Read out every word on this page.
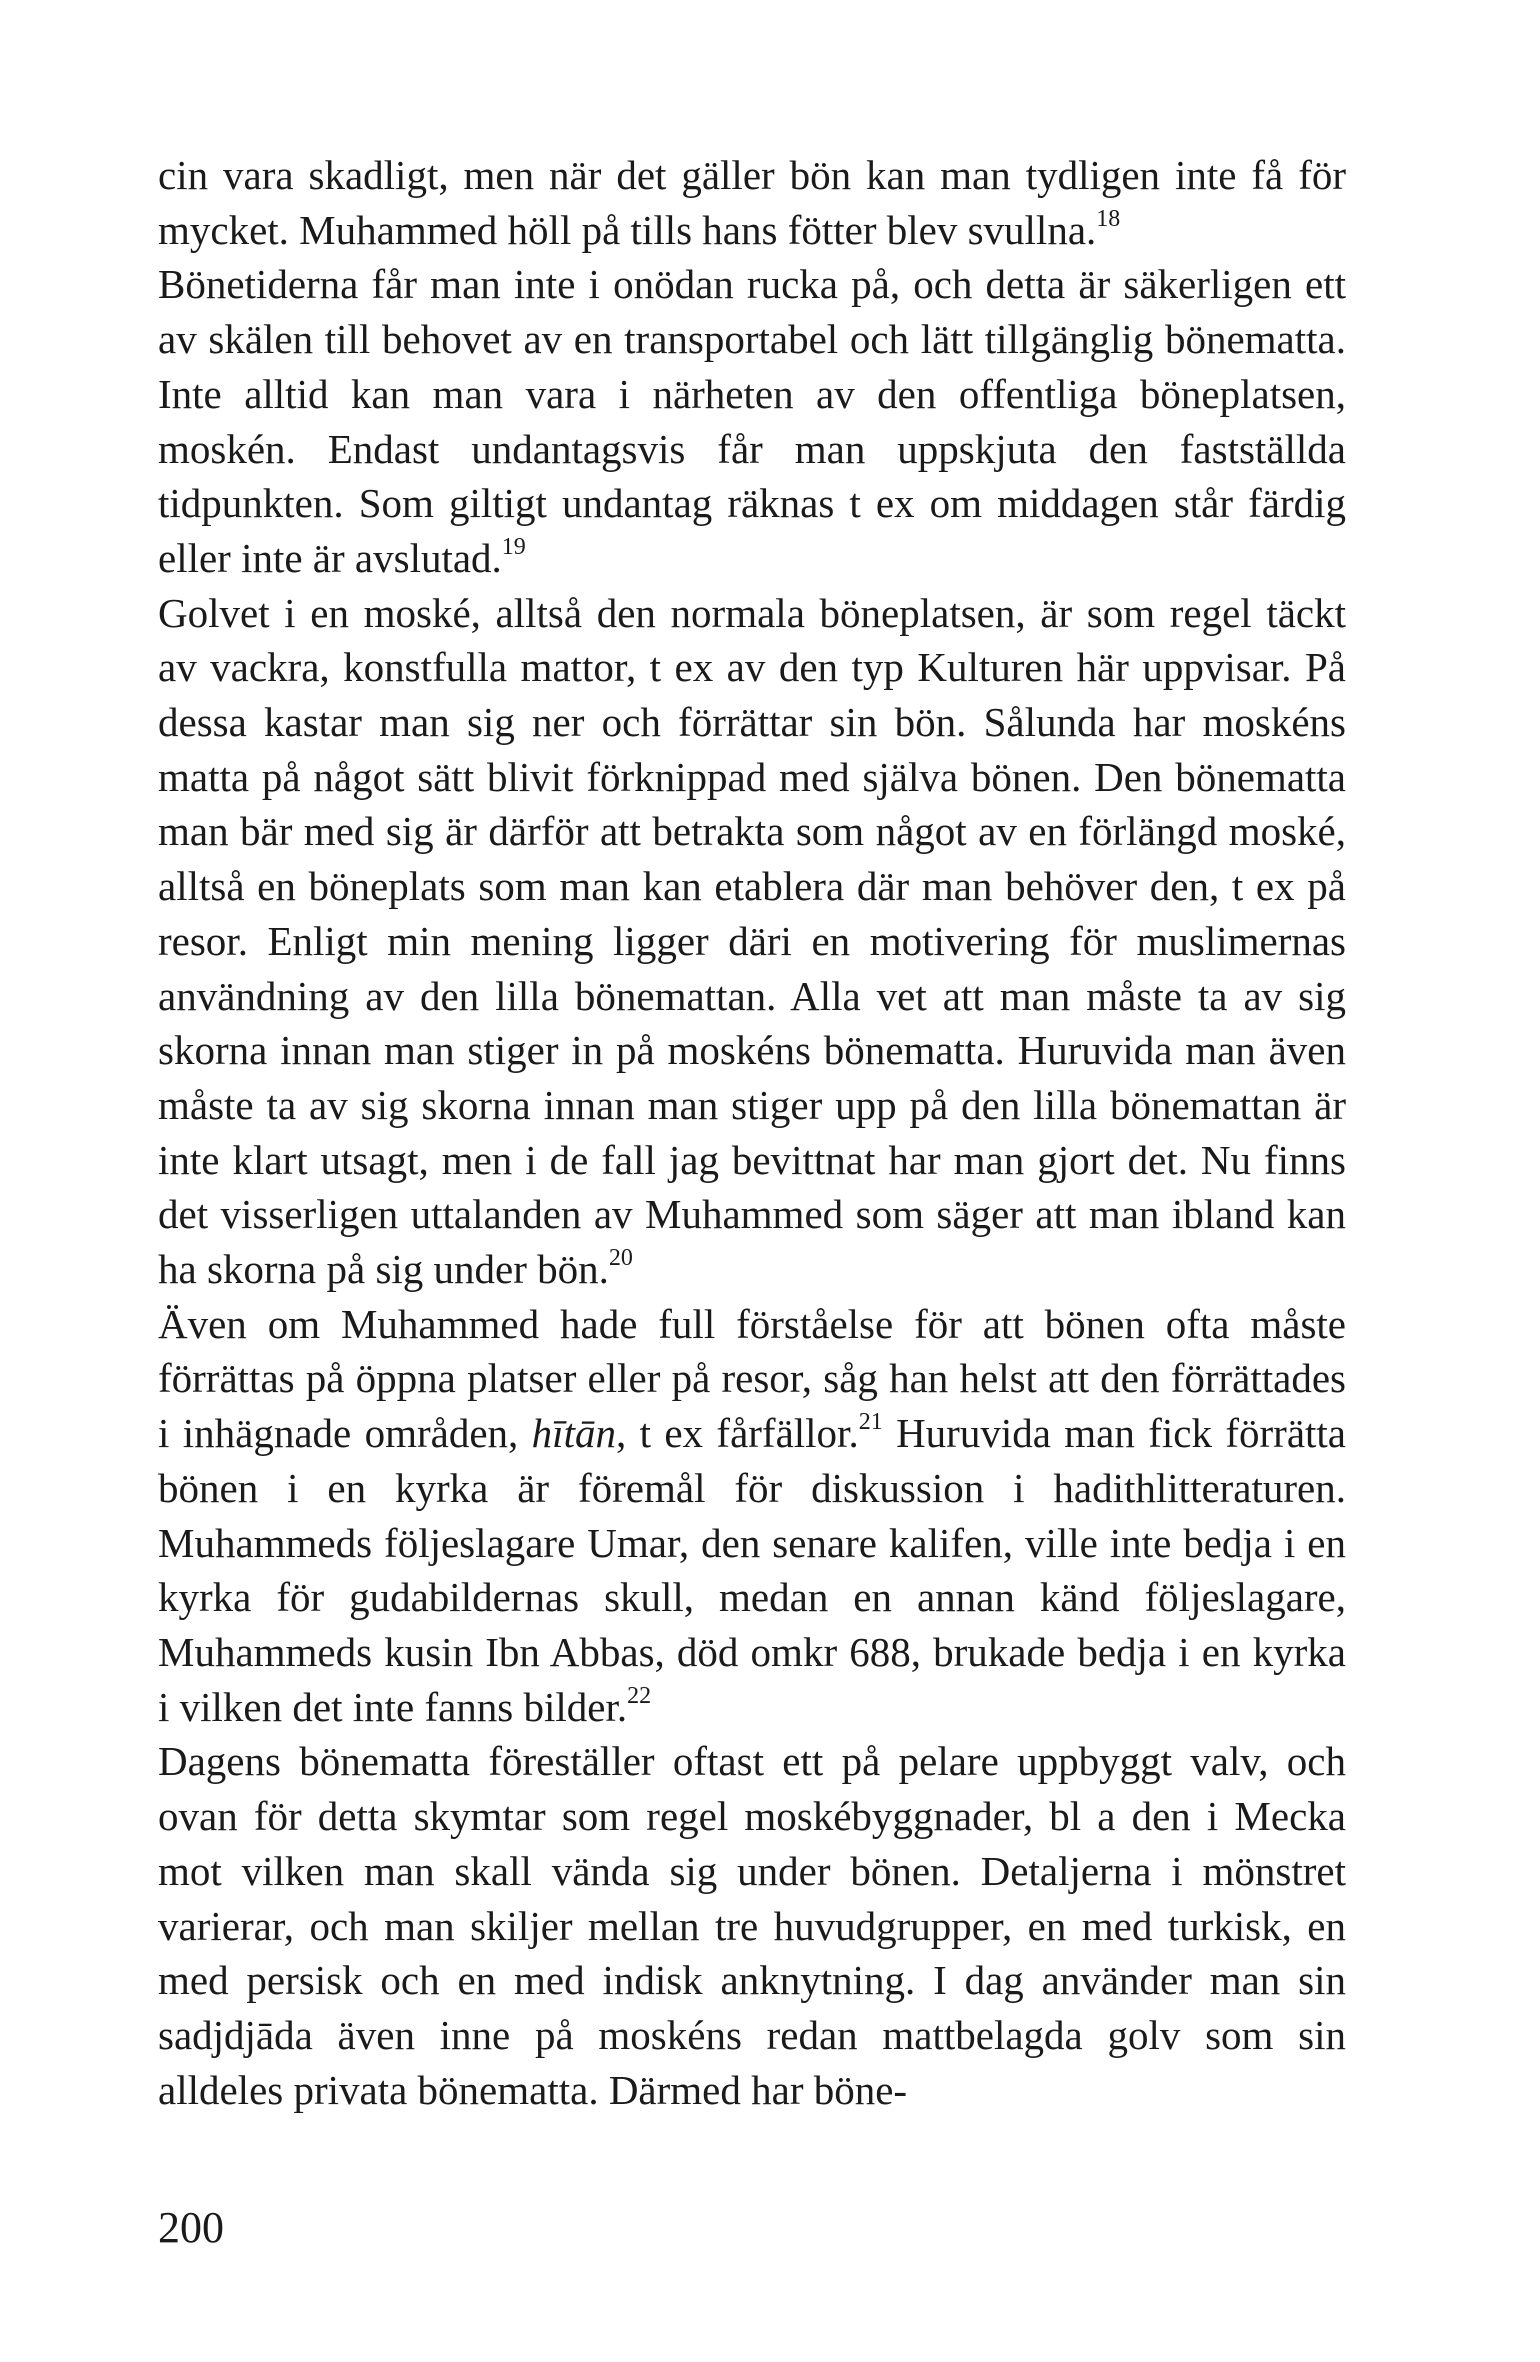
cin vara skadligt, men när det gäller bön kan man tydligen inte få för mycket. Muhammed höll på tills hans fötter blev svullna.$^{18}$

Bönetiderna får man inte i onödan rucka på, och detta är säkerligen ett av skälen till behovet av en transportabel och lätt tillgänglig bönematta. Inte alltid kan man vara i närheten av den offentliga böneplatsen, moskén. Endast undantagsvis får man uppskjuta den fastställda tidpunkten. Som giltigt undantag räknas t ex om middagen står färdig eller inte är avslutad.$^{19}$

Golvet i en moské, alltså den normala böneplatsen, är som regel täckt av vackra, konstfulla mattor, t ex av den typ Kulturen här uppvisar. På dessa kastar man sig ner och förrättar sin bön. Sålunda har moskéns matta på något sätt blivit förknippad med själva bönen. Den bönematta man bär med sig är därför att betrakta som något av en förlängd moské, alltså en böneplats som man kan etablera där man behöver den, t ex på resor. Enligt min mening ligger däri en motivering för muslimernas användning av den lilla bönemattan. Alla vet att man måste ta av sig skorna innan man stiger in på moskéns bönematta. Huruvida man även måste ta av sig skorna innan man stiger upp på den lilla bönemattan är inte klart utsagt, men i de fall jag bevittnat har man gjort det. Nu finns det visserligen uttalanden av Muhammed som säger att man ibland kan ha skorna på sig under bön.$^{20}$

Även om Muhammed hade full förståelse för att bönen ofta måste förrättas på öppna platser eller på resor, såg han helst att den förrättades i inhägnade områden, hītān, t ex fårfällor.$^{21}$ Huruvida man fick förrätta bönen i en kyrka är föremål för diskussion i hadithlitteraturen. Muhammeds följeslagare Umar, den senare kalifen, ville inte bedja i en kyrka för gudabildernas skull, medan en annan känd följeslagare, Muhammeds kusin Ibn Abbas, död omkr 688, brukade bedja i en kyrka i vilken det inte fanns bilder.$^{22}$

Dagens bönematta föreställer oftast ett på pelare uppbyggt valv, och ovan för detta skymtar som regel moskébyggnader, bl a den i Mecka mot vilken man skall vända sig under bönen. Detaljerna i mönstret varierar, och man skiljer mellan tre huvudgrupper, en med turkisk, en med persisk och en med indisk anknytning. I dag använder man sin sadjdjāda även inne på moskéns redan mattbelagda golv som sin alldeles privata bönematta. Därmed har böne-

200
